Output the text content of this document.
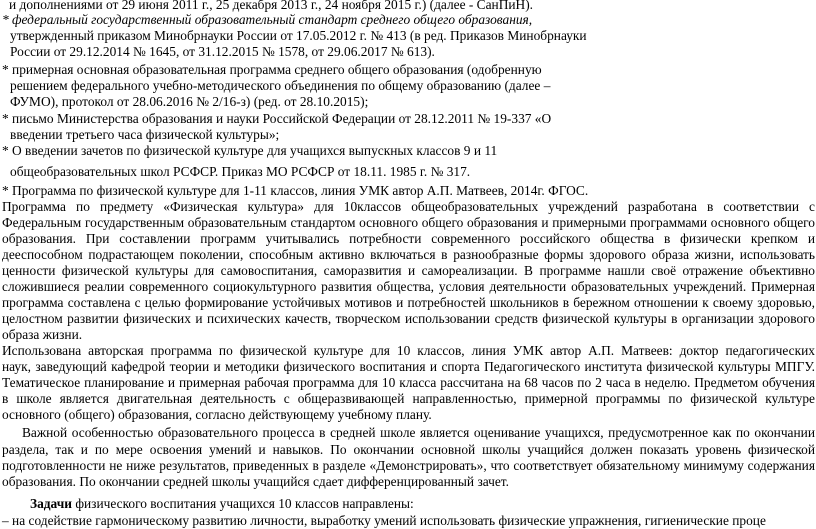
и дополнениями от 29 июня 2011 г., 25 декабря 2013 г., 24 ноября 2015 г.) (далее - СанПиН).
* федеральный государственный образовательный стандарт среднего общего образования,
утвержденный приказом Минобрнауки России от 17.05.2012 г. № 413 (в ред. Приказов Минобрнауки
России от 29.12.2014 № 1645, от 31.12.2015 № 1578, от 29.06.2017 № 613).
* примерная основная образовательная программа среднего общего образования (одобренную
решением федерального учебно-методического объединения по общему образованию (далее –
ФУМО), протокол от 28.06.2016 № 2/16-з) (ред. от 28.10.2015);
* письмо Министерства образования и науки Российской Федерации от 28.12.2011 № 19-337 «О
введении третьего часа физической культуры»;
* О введении зачетов по физической культуре для учащихся выпускных классов 9 и 11
общеобразовательных школ РСФСР. Приказ МО РСФСР от 18.11. 1985 г. № 317.
* Программа по физической культуре для 1-11 классов, линия УМК автор А.П. Матвеев, 2014г. ФГОС.
Программа по предмету «Физическая культура» для 10классов общеобразовательных учреждений разработана в соответствии с
Федеральным государственным образовательным стандартом основного общего образования и примерными программами основного общего
образования. При составлении программ учитывались потребности современного российского общества в физически крепком и
дееспособном подрастающем поколении, способным активно включаться в разнообразные формы здорового образа жизни, использовать
ценности физической культуры для самовоспитания, саморазвития и самореализации. В программе нашли своё отражение объективно
сложившиеся реалии современного социокультурного развития общества, условия деятельности образовательных учреждений. Примерная
программа составлена с целью формирование устойчивых мотивов и потребностей школьников в бережном отношении к своему здоровью,
целостном развитии физических и психических качеств, творческом использовании средств физической культуры в организации здорового
образа жизни.
Использована авторская программа по физической культуре для 10 классов, линия УМК автор А.П. Матвеев: доктор педагогических
наук, заведующий кафедрой теории и методики физического воспитания и спорта Педагогического института физической культуры МПГУ.
Тематическое планирование и примерная рабочая программа для 10 класса рассчитана на 68 часов по 2 часа в неделю. Предметом обучения
в школе является двигательная деятельность с общеразвивающей направленностью, примерной программы по физической культуре
основного (общего) образования, согласно действующему учебному плану.
Важной особенностью образовательного процесса в средней школе является оценивание учащихся, предусмотренное как по окончании
раздела, так и по мере освоения умений и навыков. По окончании основной школы учащийся должен показать уровень физической
подготовленности не ниже результатов, приведенных в разделе «Демонстрировать», что соответствует обязательному минимуму содержания
образования. По окончании средней школы учащийся сдает дифференцированный зачет.
Задачи физического воспитания учащихся 10 классов направлены:
– на содействие гармоническому развитию личности, выработку умений использовать физические упражнения, гигиенические проце
